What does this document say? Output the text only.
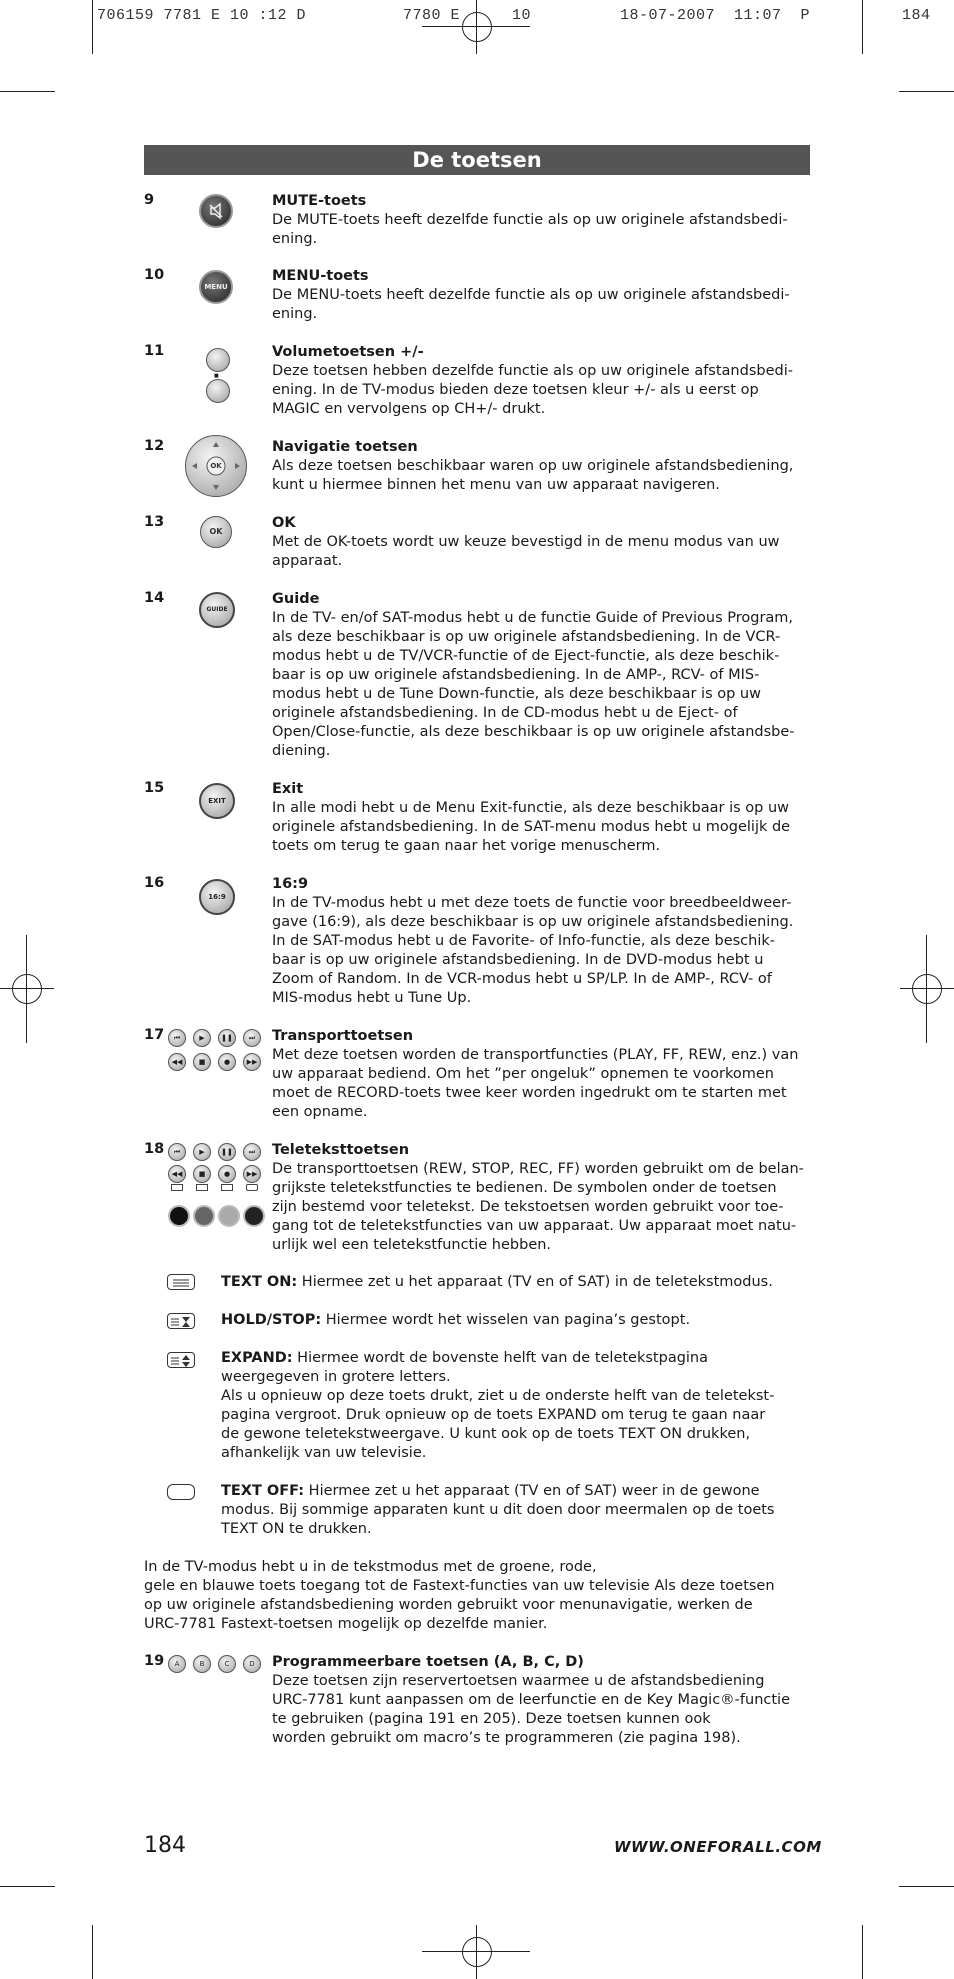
706159 7781 E 10 :12 D	7780 E	10	18-07-2007  11:07  P	184
De toetsen
9	MUTE-toets
De MUTE-toets heeft dezelfde functie als op uw originele afstandsbedi-
ening.
10
MENU
MENU-toets
De MENU-toets heeft dezelfde functie als op uw originele afstandsbedi-
ening.
11
■
Volumetoetsen +/-
Deze toetsen hebben dezelfde functie als op uw originele afstandsbedi-
ening. In de TV-modus bieden deze toetsen kleur +/- als u eerst op
MAGIC en vervolgens op CH+/- drukt.
12
OK
Navigatie toetsen
Als deze toetsen beschikbaar waren op uw originele afstandsbediening,
kunt u hiermee binnen het menu van uw apparaat navigeren.
13
OK
OK
Met de OK-toets wordt uw keuze bevestigd in de menu modus van uw
apparaat.
14
GUIDE
Guide
In de TV- en/of SAT-modus hebt u de functie Guide of Previous Program,
als deze beschikbaar is op uw originele afstandsbediening. In de VCR-
modus hebt u de TV/VCR-functie of de Eject-functie, als deze beschik-
baar is op uw originele afstandsbediening. In de AMP-, RCV- of MIS-
modus hebt u de Tune Down-functie, als deze beschikbaar is op uw
originele afstandsbediening. In de CD-modus hebt u de Eject- of
Open/Close-functie, als deze beschikbaar is op uw originele afstandsbe-
diening.
15
EXIT
Exit
In alle modi hebt u de Menu Exit-functie, als deze beschikbaar is op uw
originele afstandsbediening. In de SAT-menu modus hebt u mogelijk de
toets om terug te gaan naar het vorige menuscherm.
16
16:9
16:9
In de TV-modus hebt u met deze toets de functie voor breedbeeldweer-
gave (16:9), als deze beschikbaar is op uw originele afstandsbediening.
In de SAT-modus hebt u de Favorite- of Info-functie, als deze beschik-
baar is op uw originele afstandsbediening. In de DVD-modus hebt u
Zoom of Random. In de VCR-modus hebt u SP/LP. In de AMP-, RCV- of
MIS-modus hebt u Tune Up.
17	⏮	▶	❚❚	⏭
◀◀	■	●	▶▶
Transporttoetsen
Met deze toetsen worden de transportfuncties (PLAY, FF, REW, enz.) van
uw apparaat bediend. Om het ”per ongeluk” opnemen te voorkomen
moet de RECORD-toets twee keer worden ingedrukt om te starten met
een opname.
18	⏮	▶	❚❚	⏭
◀◀	■	●	▶▶
Teleteksttoetsen
De transporttoetsen (REW, STOP, REC, FF) worden gebruikt om de belan-
grijkste teletekstfuncties te bedienen. De symbolen onder de toetsen
zijn bestemd voor teletekst. De tekstoetsen worden gebruikt voor toe-
gang tot de teletekstfuncties van uw apparaat. Uw apparaat moet natu-
urlijk wel een teletekstfunctie hebben.
TEXT ON: Hiermee zet u het apparaat (TV en of SAT) in de teletekstmodus.
HOLD/STOP: Hiermee wordt het wisselen van pagina’s gestopt.
EXPAND: Hiermee wordt de bovenste helft van de teletekstpagina
weergegeven in grotere letters.
Als u opnieuw op deze toets drukt, ziet u de onderste helft van de teletekst-
pagina vergroot. Druk opnieuw op de toets EXPAND om terug te gaan naar
de gewone teletekstweergave. U kunt ook op de toets TEXT ON drukken,
afhankelijk van uw televisie.
TEXT OFF: Hiermee zet u het apparaat (TV en of SAT) weer in de gewone
modus. Bij sommige apparaten kunt u dit doen door meermalen op de toets
TEXT ON te drukken.
In de TV-modus hebt u in de tekstmodus met de groene, rode,
gele en blauwe toets toegang tot de Fastext-functies van uw televisie Als deze toetsen
op uw originele afstandsbediening worden gebruikt voor menunavigatie, werken de
URC-7781 Fastext-toetsen mogelijk op dezelfde manier.
19	A	B	C	D	Programmeerbare toetsen (A, B, C, D)
Deze toetsen zijn reservertoetsen waarmee u de afstandsbediening
URC-7781 kunt aanpassen om de leerfunctie en de Key Magic®-functie
te gebruiken (pagina 191 en 205). Deze toetsen kunnen ook
worden gebruikt om macro’s te programmeren (zie pagina 198).
184	WWW.ONEFORALL.COM
